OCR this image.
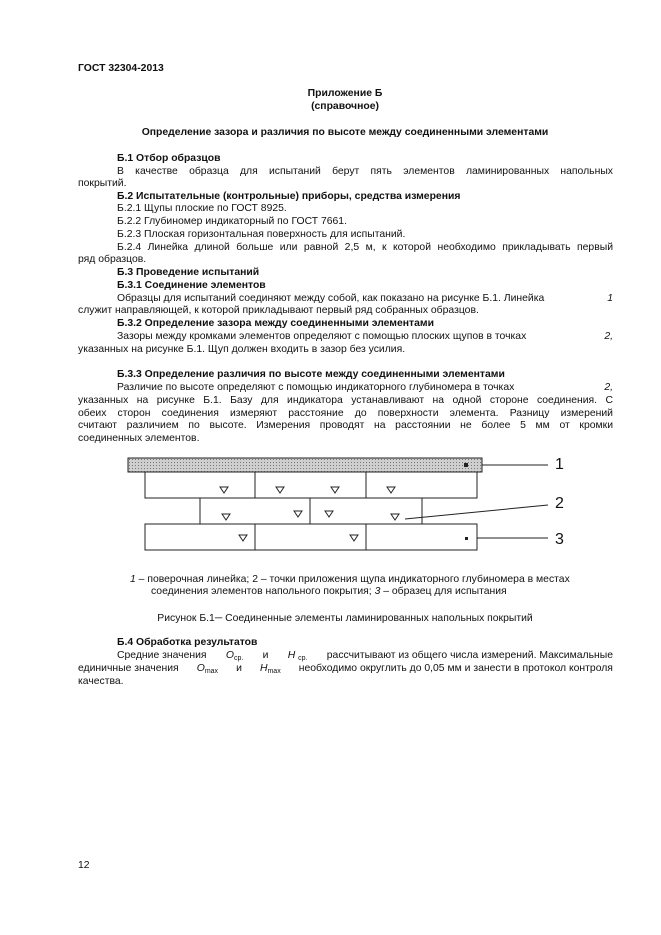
ГОСТ 32304-2013
Приложение Б
(справочное)
Определение зазора и различия по высоте между соединенными элементами
Б.1 Отбор образцов
В качестве образца для испытаний берут пять элементов ламинированных напольных
покрытий.
Б.2 Испытательные (контрольные) приборы, средства измерения
Б.2.1 Щупы плоские по ГОСТ 8925.
Б.2.2 Глубиномер индикаторный по ГОСТ 7661.
Б.2.3 Плоская горизонтальная поверхность для испытаний.
Б.2.4 Линейка длиной больше или равной 2,5 м, к которой необходимо прикладывать первый
ряд образцов.
Б.3 Проведение испытаний
Б.3.1 Соединение элементов
Образцы для испытаний соединяют между собой, как показано на рисунке Б.1. Линейка	1
служит направляющей, к которой прикладывают первый ряд собранных образцов.
Б.3.2 Определение зазора между соединенными элементами
Зазоры между кромками элементов определяют с помощью плоских щупов в точках	2,
указанных на рисунке Б.1. Щуп должен входить в зазор без усилия.
Б.3.3 Определение различия по высоте между соединенными элементами
Различие по высоте определяют с помощью индикаторного глубиномера в точках	2,
указанных на рисунке Б.1. Базу для индикатора устанавливают на одной стороне соединения. С
обеих сторон соединения измеряют расстояние до поверхности элемента. Разницу измерений
считают различием по высоте. Измерения проводят на расстоянии не более 5 мм от кромки
соединенных элементов.
1
2
3
1 – поверочная линейка; 2 – точки приложения щупа индикаторного глубиномера в местах
соединения элементов напольного покрытия; 3 – образец для испытания
Рисунок Б.1─ Соединенные элементы ламинированных напольных покрытий
Б.4 Обработка результатов
Средние значения $O_{ср.}$ и H $_{ср.}$ рассчитывают из общего числа измерений. Максимальные
единичные значения $O_{max}$ и $H_{max}$ необходимо округлить до 0,05 мм и занести в протокол контроля
качества.
12
